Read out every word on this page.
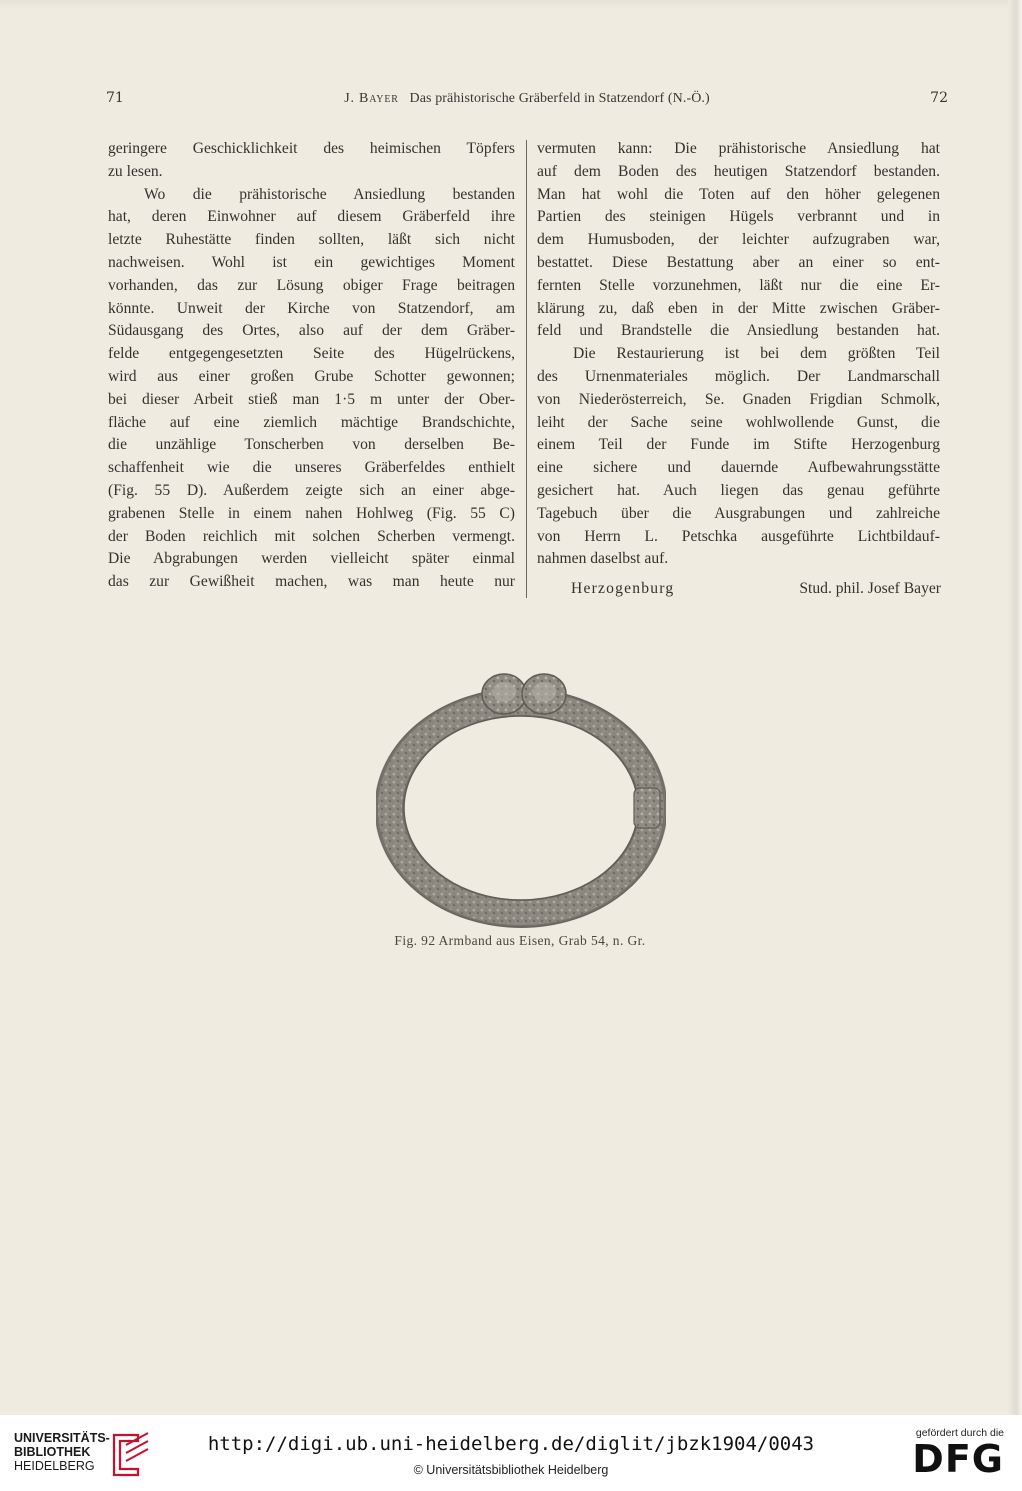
71	J. Bayer Das prähistorische Gräberfeld in Statzendorf (N.-Ö.)	72

geringere Geschicklichkeit des heimischen Töpfers
zu lesen.

Wo die prähistorische Ansiedlung bestanden
hat, deren Einwohner auf diesem Gräberfeld ihre
letzte Ruhestätte finden sollten, läßt sich nicht
nachweisen. Wohl ist ein gewichtiges Moment
vorhanden, das zur Lösung obiger Frage beitragen
könnte. Unweit der Kirche von Statzendorf, am
Südausgang des Ortes, also auf der dem Gräber-
felde entgegengesetzten Seite des Hügelrückens,
wird aus einer großen Grube Schotter gewonnen;
bei dieser Arbeit stieß man 1·5 m unter der Ober-
fläche auf eine ziemlich mächtige Brandschichte,
die unzählige Tonscherben von derselben Be-
schaffenheit wie die unseres Gräberfeldes enthielt
(Fig. 55 D). Außerdem zeigte sich an einer abge-
grabenen Stelle in einem nahen Hohlweg (Fig. 55 C)
der Boden reichlich mit solchen Scherben vermengt.
Die Abgrabungen werden vielleicht später einmal
das zur Gewißheit machen, was man heute nur

vermuten kann: Die prähistorische Ansiedlung hat
auf dem Boden des heutigen Statzendorf bestanden.
Man hat wohl die Toten auf den höher gelegenen
Partien des steinigen Hügels verbrannt und in
dem Humusboden, der leichter aufzugraben war,
bestattet. Diese Bestattung aber an einer so ent-
fernten Stelle vorzunehmen, läßt nur die eine Er-
klärung zu, daß eben in der Mitte zwischen Gräber-
feld und Brandstelle die Ansiedlung bestanden hat.

Die Restaurierung ist bei dem größten Teil
des Urnenmateriales möglich. Der Landmarschall
von Niederösterreich, Se. Gnaden Frigdian Schmolk,
leiht der Sache seine wohlwollende Gunst, die
einem Teil der Funde im Stifte Herzogenburg
eine sichere und dauernde Aufbewahrungsstätte
gesichert hat. Auch liegen das genau geführte
Tagebuch über die Ausgrabungen und zahlreiche
von Herrn L. Petschka ausgeführte Lichtbildauf-
nahmen daselbst auf.

Herzogenburg	Stud. phil. Josef Bayer
Fig. 92 Armband aus Eisen, Grab 54, n. Gr.
UNIVERSITÄTS-
BIBLIOTHEK
HEIDELBERG
http://digi.ub.uni-heidelberg.de/diglit/jbzk1904/0043
© Universitätsbibliothek Heidelberg
gefördert durch die
DFG
